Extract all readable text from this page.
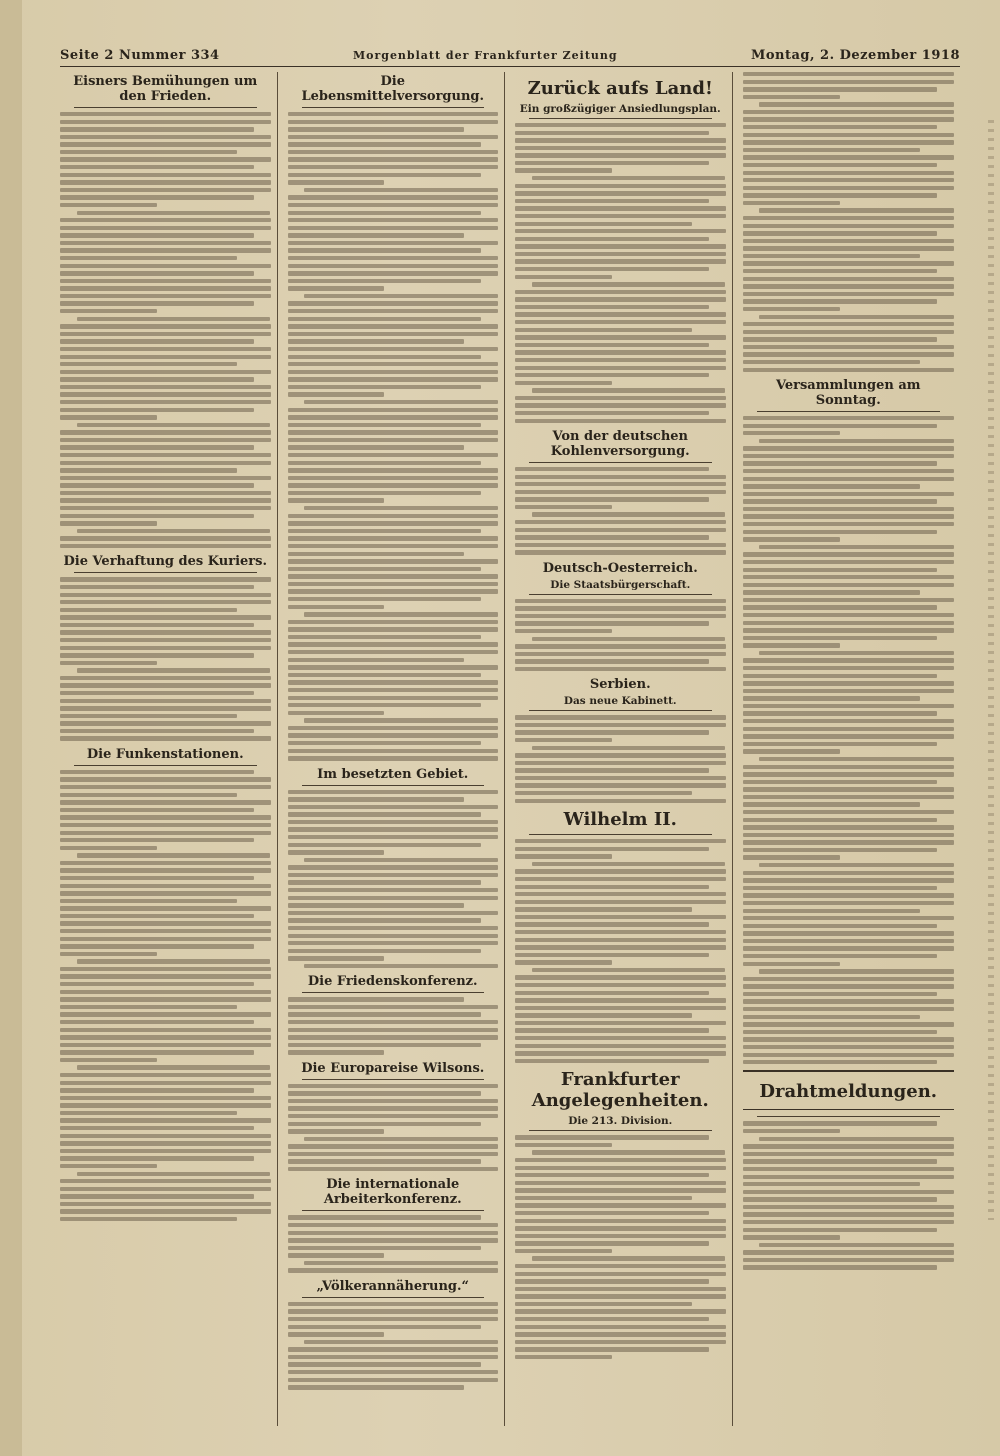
Seite 2 Nummer 334	Morgenblatt der Frankfurter Zeitung	Montag, 2. Dezember 1918
Eisners Bemühungen um den Frieden.
Die Verhaftung des Kuriers.
Die Funkenstationen.
Die Lebensmittelversorgung.
Im besetzten Gebiet.
Die Friedenskonferenz.
Die Europareise Wilsons.
Die internationale Arbeiterkonferenz.
„Völkerannäherung.“
Zurück aufs Land!
Ein großzügiger Ansiedlungsplan.
Von der deutschen Kohlenversorgung.
Deutsch-Oesterreich.
Die Staatsbürgerschaft.
Serbien.
Das neue Kabinett.
Wilhelm II.
Frankfurter Angelegenheiten.
Die 213. Division.
Versammlungen am Sonntag.
Drahtmeldungen.
